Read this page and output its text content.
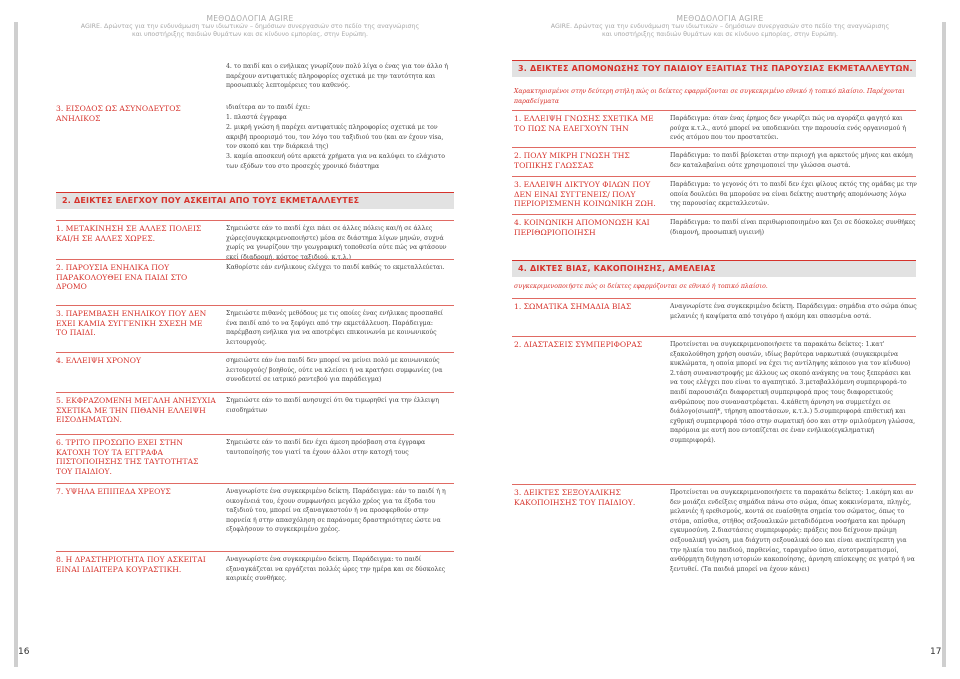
ΜΕΘΟΔΟΛΟΓΙΑ AGIRE
AGIRE. Δρώντας για την ενδυνάμωση των ιδιωτικών – δημόσιων συνεργασιών στο πεδίο της αναγνώρισης
και υποστήριξης παιδιών θυμάτων και σε κίνδυνο εμπορίας, στην Ευρώπη.
ΜΕΘΟΔΟΛΟΓΙΑ AGIRE
AGIRE. Δρώντας για την ενδυνάμωση των ιδιωτικών – δημόσιων συνεργασιών στο πεδίο της αναγνώρισης
και υποστήριξης παιδιών θυμάτων και σε κίνδυνο εμπορίας, στην Ευρώπη.
3. ΕΙΣΟΔΟΣ ΩΣ ΑΣΥΝΟΔΕΥΤΟΣ ΑΝΗΛΙΚΟΣ
4. το παιδί και ο ενήλικας γνωρίζουν πολύ λίγα ο ένας για τον άλλο ή παρέχουν αντιφατικές πληροφορίες σχετικά με την ταυτότητα και προσωπικές λεπτομέρειες του καθενός.
ιδιαίτερα αν το παιδί έχει:
1. πλαστά έγγραφα
2. μικρή γνώση ή παρέχει αντιφατικές πληροφορίες σχετικά με τον ακριβή προορισμό του, τον λόγο του ταξιδιού του (και αν έχουν visa, τον σκοπό και την διάρκειά της)
3. καμία αποσκευή ούτε αρκετά χρήματα για να καλύψει το ελάχιστο των εξόδων του στο προσεχές χρονικό διάστημα
2. ΔΕΙΚΤΕΣ ΕΛΕΓΧΟΥ ΠΟΥ ΑΣΚΕΙΤΑΙ ΑΠΟ ΤΟΥΣ ΕΚΜΕΤΑΛΛΕΥΤΕΣ
1. ΜΕΤΑΚΙΝΗΣΗ ΣΕ ΑΛΛΕΣ ΠΟΛΕΙΣ ΚΑΙ/Η ΣΕ ΑΛΛΕΣ ΧΩΡΕΣ.
Σημειώστε εάν το παιδί έχει πάει σε άλλες πόλεις και/ή σε άλλες χώρες(συγκεκριμενοποιήστε) μέσα σε διάστημα λίγων μηνών, συχνά χωρίς να γνωρίζουν την γεωγραφική τοποθεσία ούτε πώς να φτάσουν εκεί (διαδρομή, κόστος ταξιδιού, κ.τ.λ.)
2. ΠΑΡΟΥΣΙΑ ΕΝΗΛΙΚΑ ΠΟΥ ΠΑΡΑΚΟΛΟΥΘΕΙ ΕΝΑ ΠΑΙΔΙ ΣΤΟ ΔΡΟΜΟ
Καθορίστε εάν ενήλικους ελέγχει το παιδί καθώς το εκμεταλλεύεται.
3. ΠΑΡΕΜΒΑΣΗ ΕΝΗΛΙΚΟΥ ΠΟΥ ΔΕΝ ΕΧΕΙ ΚΑΜΙΑ ΣΥΓΓΕΝΙΚΗ ΣΧΕΣΗ ΜΕ ΤΟ ΠΑΙΔΙ.
Σημειώστε πιθανές μεθόδους με τις οποίες ένας ενήλικας προσπαθεί ένα παιδί από το να ξεφύγει από την εκμετάλλευση. Παράδειγμα: παρέμβαση ενήλικα για να αποτρέψει επικοινωνία με κοινωνικούς λειτουργούς.
4. ΕΛΛΕΙΨΗ ΧΡΟΝΟΥ	σημειώστε εάν ένα παιδί δεν μπορεί να μείνει πολύ με κοινωνικούς λειτουργούς/ βοηθούς, ούτε να κλείσει ή να κρατήσει συμφωνίες (να συνοδευτεί σε ιατρικό ραντεβού για παράδειγμα)
5. ΕΚΦΡΑΖΟΜΕΝΗ ΜΕΓΑΛΗ ΑΝΗΣΥΧΙΑ ΣΧΕΤΙΚΑ ΜΕ ΤΗΝ ΠΙΘΑΝΗ ΕΛΛΕΙΨΗ ΕΙΣΟΔΗΜΑΤΩΝ.
Σημειώστε εάν το παιδί ανησυχεί ότι θα τιμωρηθεί για την έλλειψη εισοδημάτων
6. ΤΡΙΤΟ ΠΡΟΣΩΠΟ ΕΧΕΙ ΣΤΗΝ ΚΑΤΟΧΗ ΤΟΥ ΤΑ ΕΓΓΡΑΦΑ ΠΙΣΤΟΠΟΙΗΣΗΣ ΤΗΣ ΤΑΥΤΟΤΗΤΑΣ ΤΟΥ ΠΑΙΔΙΟΥ.
Σημειώστε εάν το παιδί δεν έχει άμεση πρόσβαση στα έγγραφα ταυτοποίησής του γιατί τα έχουν άλλοι στην κατοχή τους
7. ΥΨΗΛΑ ΕΠΙΠΕΔΑ ΧΡΕΟΥΣ	Αναγνωρίστε ένα συγκεκριμένο δείκτη. Παράδειγμα: εάν το παιδί ή η οικογένειά του, έχουν συμφωνήσει μεγάλο χρέος για τα έξοδα του ταξιδιού του, μπορεί να εξαναγκαστούν ή να προσφερθούν στην πορνεία ή στην απασχόληση σε παράνομες δραστηριότητες ώστε να εξοφλήσουν το συγκεκριμένο χρέος.
8. Η ΔΡΑΣΤΗΡΙΟΤΗΤΑ ΠΟΥ ΑΣΚΕΙΤΑΙ ΕΙΝΑΙ ΙΔΙΑΙΤΕΡΑ ΚΟΥΡΑΣΤΙΚΗ.
Αναγνωρίστε ένα συγκεκριμένο δείκτη. Παράδειγμα: το παιδί εξαναγκάζεται να εργάζεται πολλές ώρες την ημέρα και σε δύσκολες καιρικές συνθήκες.
16
3. ΔΕΙΚΤΕΣ ΑΠΟΜΟΝΩΣΗΣ ΤΟΥ ΠΑΙΔΙΟΥ ΕΞΑΙΤΙΑΣ ΤΗΣ ΠΑΡΟΥΣΙΑΣ ΕΚΜΕΤΑΛΛΕΥΤΩΝ.
Χαρακτηρισμένοι στην δεύτερη στήλη πώς οι δείκτες εφαρμόζονται σε συγκεκριμένο εθνικό ή τοπικό πλαίσιο. Παρέχονται παραδείγματα
1. ΕΛΛΕΙΨΗ ΓΝΩΣΗΣ ΣΧΕΤΙΚΑ ΜΕ ΤΟ ΠΩΣ ΝΑ ΕΛΕΓΧΟΥΝ ΤΗΝ
Παράδειγμα: όταν ένας έρημος δεν γνωρίζει πώς να αγοράζει φαγητό και ρούχα κ.τ.λ., αυτό μπορεί να υποδεικνύει την παρουσία ενός οργανισμού ή ενός ατόμου που τον προστατεύει.
2. ΠΟΛΥ ΜΙΚΡΗ ΓΝΩΣΗ ΤΗΣ ΤΟΠΙΚΗΣ ΓΛΩΣΣΑΣ
Παράδειγμα: το παιδί βρίσκεται στην περιοχή για αρκετούς μήνες και ακόμη δεν καταλαβαίνει ούτε χρησιμοποιεί την γλώσσα σωστά.
3. ΕΛΛΕΙΨΗ ΔΙΚΤΥΟΥ ΦΙΛΩΝ ΠΟΥ ΔΕΝ ΕΙΝΑΙ ΣΥΓΓΕΝΕΙΣ/ ΠΟΛΥ ΠΕΡΙΟΡΙΣΜΕΝΗ ΚΟΙΝΩΝΙΚΗ ΖΩΗ.
Παράδειγμα: το γεγονός ότι το παιδί δεν έχει φίλους εκτός της ομάδας με την οποία δουλεύει θα μπορούσε να είναι δείκτης αυστηρής απομόνωσης λόγω της παρουσίας εκμεταλλευτών.
4. ΚΟΙΝΩΝΙΚΗ ΑΠΟΜΟΝΩΣΗ ΚΑΙ ΠΕΡΙΘΩΡΙΟΠΟΙΗΣΗ
Παράδειγμα: το παιδί είναι περιθωριοποιημένο και ζει σε δύσκολες συνθήκες (διαμονή, προσωπική υγιεινή)
4. ΔΙΚΤΕΣ ΒΙΑΣ, ΚΑΚΟΠΟΙΗΣΗΣ, ΑΜΕΛΕΙΑΣ
συγκεκριμενοποιήστε πώς οι δείκτες εφαρμόζονται σε εθνικό ή τοπικό πλαίσιο.
1. ΣΩΜΑΤΙΚΑ ΣΗΜΑΔΙΑ ΒΙΑΣ	Αναγνωρίστε ένα συγκεκριμένο δείκτη. Παράδειγμα: σημάδια στο σώμα όπως μελανιές ή καψίματα από τσιγάρο ή ακόμη και σπασμένα οστά.
2. ΔΙΑΣΤΑΣΕΙΣ ΣΥΜΠΕΡΙΦΟΡΑΣ	Προτείνεται να συγκεκριμενοποιήσετε τα παρακάτω δείκτες: 1.κατ' εξακολούθηση χρήση ουσιών, ιδίως βαρύτερα ναρκωτικά (συγκεκριμένα κυκλώματα, η οποία μπορεί να έχει τις αντίληψης κάποιου για τον κίνδυνο) 2.τάση συναναστροφής με άλλους ως σκοπό ανάγκης να τους ξεπεράσει και να τους ελέγχει που είναι το αγαπητικό. 3.μεταβαλλόμενη συμπεριφορά-το παιδί παρουσιάζει διαφορετική συμπεριφορά προς τους διαφορετικούς ανθρώπους που συναναστρέφεται. 4.κάθετη άρνηση να συμμετέχει σε διάλογο(σιωπή*, τήρηση αποστάσεων, κ.τ.λ.) 5.συμπεριφορά επιθετική και εχθρική συμπεριφορά τόσο στην σωματική όσο και στην ομιλούμενη γλώσσα, παρόμοια με αυτή που εντοπίζεται σε έναν ενήλικο(εγκληματική συμπεριφορά).
3. ΔΕΙΚΤΕΣ ΣΕΞΟΥΑΛΙΚΗΣ ΚΑΚΟΠΟΙΗΣΗΣ ΤΟΥ ΠΑΙΔΙΟΥ.
Προτείνεται να συγκεκριμενοποιήσετε τα παρακάτω δείκτες: 1.ακόμη και αν δεν μοιάζει ενδείξεις σημάδια πάνω στο σώμα, όπως κοκκινίσματα, πληγές, μελανιές ή ερεθισμούς, κοντά σε ευαίσθητα σημεία του σώματος, όπως το στόμα, οπίσθια, στήθος σεξουαλικών μεταδιδόμενα νοσήματα και πρόωρη εγκυμοσύνη. 2.διαστάσεις συμπεριφοράς: πράξεις που δείχνουν πρώιμη σεξουαλική γνώση, μια διάχυτη σεξουαλικά όσο και είναι ανεπίτρεπτη για την ηλικία του παιδιού, παρθενίας, ταραγμένο ύπνο, αυτοτραυματισμοί, ανθόρμητη διήγηση ιστοριών κακοποίησης, άρνηση επίσκεψης σε γιατρό ή να ξεντυθεί. (Τα παιδιά μπορεί να έχουν κάνει)
17
